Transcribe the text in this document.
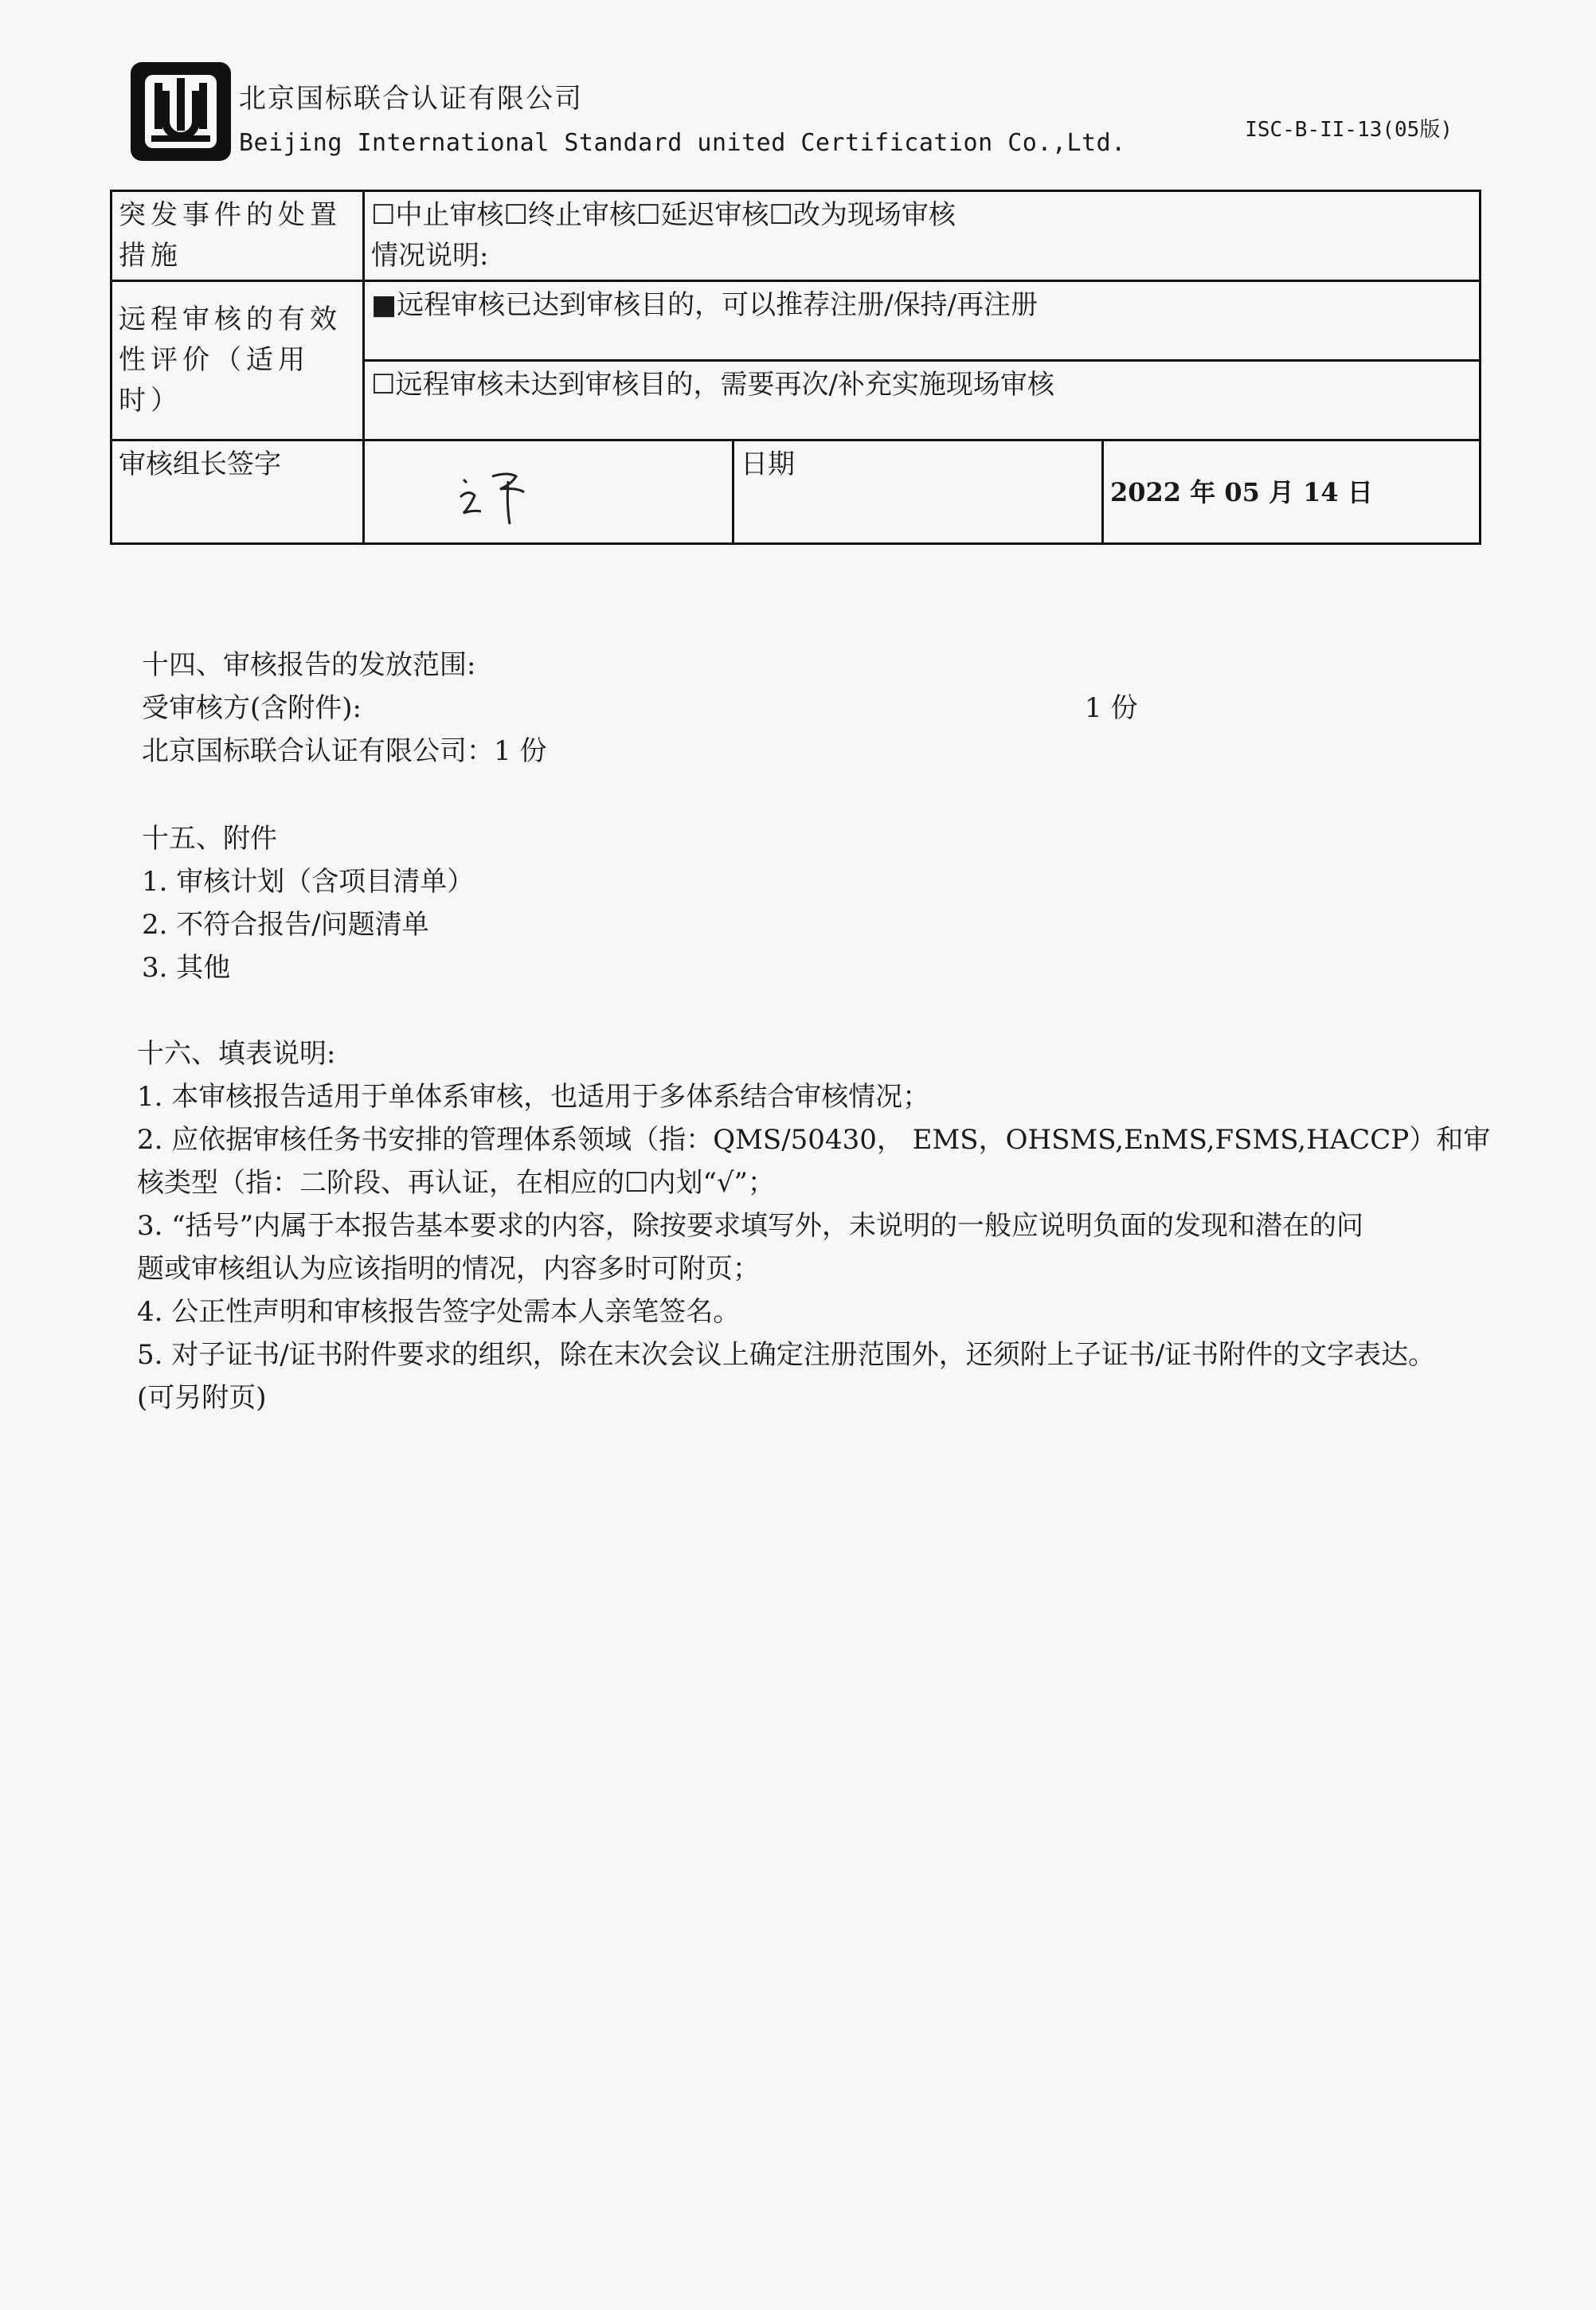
北京国标联合认证有限公司
Beijing International Standard united Certification Co.,Ltd.	ISC-B-II-13(05版)
突发事件的处置措施	☐中止审核☐终止审核☐延迟审核☐改为现场审核
情况说明:		

远程审核的有效性评价（适用时）	■远程审核已达到审核目的，可以推荐注册/保持/再注册		
	☐远程审核未达到审核目的，需要再次/补充实施现场审核		
审核组长签字		日期	2022 年 05 月 14 日

十四、审核报告的发放范围:

受审核方(含附件):	1 份

北京国标联合认证有限公司：1 份

十五、附件

1. 审核计划（含项目清单）

2. 不符合报告/问题清单

3. 其他

十六、填表说明:

1. 本审核报告适用于单体系审核，也适用于多体系结合审核情况；

2. 应依据审核任务书安排的管理体系领域（指：QMS/50430， EMS，OHSMS,EnMS,FSMS,HACCP）和审

核类型（指：二阶段、再认证，在相应的☐内划“√”；

3. “括号”内属于本报告基本要求的内容，除按要求填写外，未说明的一般应说明负面的发现和潜在的问

题或审核组认为应该指明的情况，内容多时可附页；

4. 公正性声明和审核报告签字处需本人亲笔签名。

5. 对子证书/证书附件要求的组织，除在末次会议上确定注册范围外，还须附上子证书/证书附件的文字表达。

(可另附页)
